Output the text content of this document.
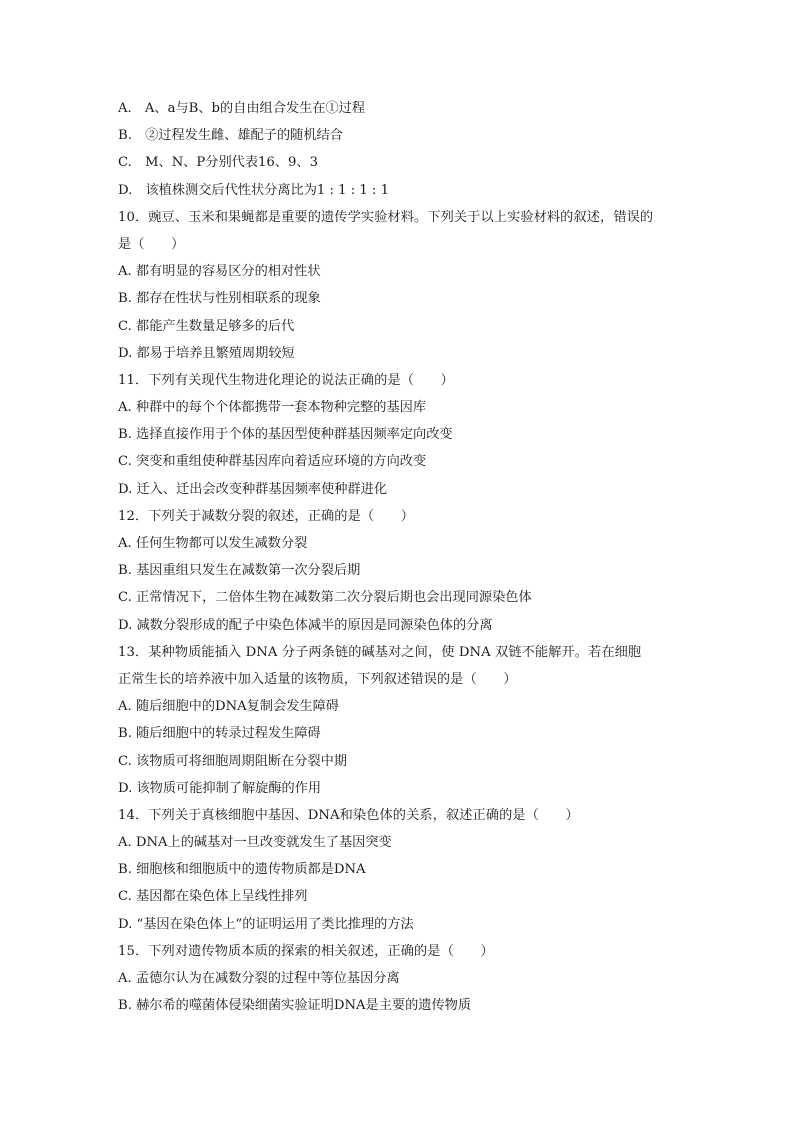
A.　A、a与B、b的自由组合发生在①过程
B.　②过程发生雌、雄配子的随机结合
C.　M、N、P分别代表16、9、3
D.　该植株测交后代性状分离比为1 : 1 : 1 : 1
10．豌豆、玉米和果蝇都是重要的遗传学实验材料。下列关于以上实验材料的叙述，错误的
是（　　）
A. 都有明显的容易区分的相对性状
B. 都存在性状与性别相联系的现象
C. 都能产生数量足够多的后代
D. 都易于培养且繁殖周期较短
11．下列有关现代生物进化理论的说法正确的是（　　）
A. 种群中的每个个体都携带一套本物种完整的基因库
B. 选择直接作用于个体的基因型使种群基因频率定向改变
C. 突变和重组使种群基因库向着适应环境的方向改变
D. 迁入、迁出会改变种群基因频率使种群进化
12．下列关于减数分裂的叙述，正确的是（　　）
A. 任何生物都可以发生减数分裂
B. 基因重组只发生在减数第一次分裂后期
C. 正常情况下，二倍体生物在减数第二次分裂后期也会出现同源染色体
D. 减数分裂形成的配子中染色体减半的原因是同源染色体的分离
13．某种物质能插入 DNA 分子两条链的碱基对之间，使 DNA 双链不能解开。若在细胞
正常生长的培养液中加入适量的该物质，下列叙述错误的是（　　）
A. 随后细胞中的DNA复制会发生障碍
B. 随后细胞中的转录过程发生障碍
C. 该物质可将细胞周期阻断在分裂中期
D. 该物质可能抑制了解旋酶的作用
14．下列关于真核细胞中基因、DNA和染色体的关系，叙述正确的是（　　）
A. DNA上的碱基对一旦改变就发生了基因突变
B. 细胞核和细胞质中的遗传物质都是DNA
C. 基因都在染色体上呈线性排列
D. “基因在染色体上”的证明运用了类比推理的方法
15．下列对遗传物质本质的探索的相关叙述，正确的是（　　）
A. 孟德尔认为在减数分裂的过程中等位基因分离
B. 赫尔希的噬菌体侵染细菌实验证明DNA是主要的遗传物质
